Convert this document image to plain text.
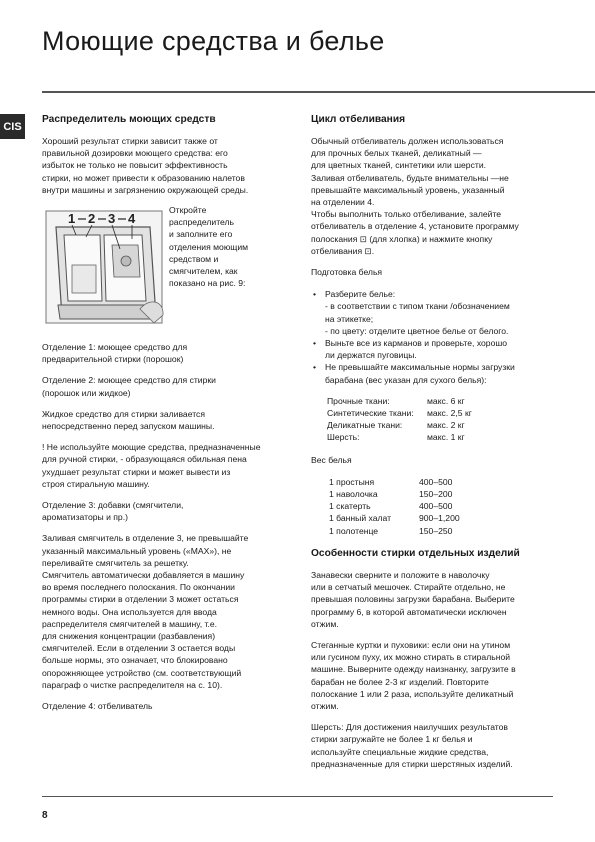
Моющие средства и белье
CIS
Распределитель моющих средств

Хороший результат стирки зависит также от
правильной дозировки моющего средства: его
избыток не только не повысит эффективность
стирки, но может привести к образованию налетов
внутри машины и загрязнению окружающей среды.

1 2 3 4
Откройте
распределитель
и заполните его
отделения моющим
средством и
смягчителем, как
показано на рис. 9:

Отделение 1: моющее средство для
предварительной стирки (порошок)

Отделение 2: моющее средство для стирки
(порошок или жидкое)

Жидкое средство для стирки заливается
непосредственно перед запуском машины.

! Не используйте моющие средства, предназначенные
для ручной стирки, - образующаяся обильная пена
ухудшает результат стирки и может вывести из
строя стиральную машину.

Отделение 3: добавки (смягчители,
ароматизаторы и пр.)

Заливая смягчитель в отделение 3, не превышайте
указанный максимальный уровень («MAX»), не
переливайте смягчитель за решетку.
Смягчитель автоматически добавляется в машину
во время последнего полоскания. По окончании
программы стирки в отделении 3 может остаться
немного воды. Она используется для ввода
распределителя смягчителей в машину, т.е.
для снижения концентрации (разбавления)
смягчителей. Если в отделении 3 остается воды
больше нормы, это означает, что блокировано
опорожняющее устройство (см. соответствующий
параграф о чистке распределителя на с. 10).

Отделение 4: отбеливатель

Цикл отбеливания

Обычный отбеливатель должен использоваться
для прочных белых тканей, деликатный —
для цветных тканей, синтетики или шерсти.
Заливая отбеливатель, будьте внимательны —не
превышайте максимальный уровень, указанный
на отделении 4.
Чтобы выполнить только отбеливание, залейте
отбеливатель в отделение 4, установите программу
полоскания ⊡ (для хлопка) и нажмите кнопку
отбеливания ⊡.

Подготовка белья

• Разберите белье:
- в соответствии с типом ткани /обозначением
на этикетке;
- по цвету: отделите цветное белье от белого.
• Выньте все из карманов и проверьте, хорошо
ли держатся пуговицы.
• Не превышайте максимальные нормы загрузки
барабана (вес указан для сухого белья):
Прочные ткани:	макс. 6 кг
Синтетические ткани:	макс. 2,5 кг
Деликатные ткани:	макс. 2 кг
Шерсть:	макс. 1 кг

Вес белья

1 простыня	400–500
1 наволочка	150–200
1 скатерть	400–500
1 банный халат	900–1,200
1 полотенце	150–250
Особенности стирки отдельных изделий

Занавески сверните и положите в наволочку
или в сетчатый мешочек. Стирайте отдельно, не
превышая половины загрузки барабана. Выберите
программу 6, в которой автоматически исключен
отжим.

Стеганные куртки и пуховики: если они на утином
или гусином пуху, их можно стирать в стиральной
машине. Выверните одежду наизнанку, загрузите в
барабан не более 2-3 кг изделий. Повторите
полоскание 1 или 2 раза, используйте деликатный
отжим.

Шерсть: Для достижения наилучших результатов
стирки загружайте не более 1 кг белья и
используйте специальные жидкие средства,
предназначенные для стирки шерстяных изделий.

8
